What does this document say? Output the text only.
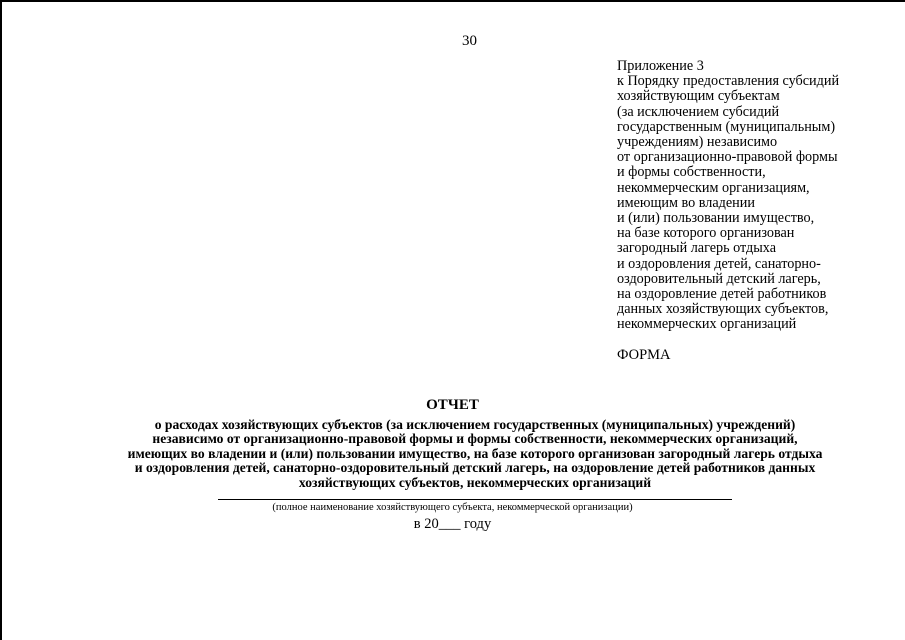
30
Приложение 3
к Порядку предоставления субсидий
хозяйствующим субъектам
(за исключением субсидий
государственным (муниципальным)
учреждениям) независимо
от организационно-правовой формы
и формы собственности,
некоммерческим организациям,
имеющим во владении
и (или) пользовании имущество,
на базе которого организован
загородный лагерь отдыха
и оздоровления детей, санаторно-
оздоровительный детский лагерь,
на оздоровление детей работников
данных хозяйствующих субъектов,
некоммерческих организаций
ФОРМА
ОТЧЕТ
о расходах хозяйствующих субъектов (за исключением государственных (муниципальных) учреждений)
независимо от организационно-правовой формы и формы собственности, некоммерческих организаций,
имеющих во владении и (или) пользовании имущество, на базе которого организован загородный лагерь отдыха
и оздоровления детей, санаторно-оздоровительный детский лагерь, на оздоровление детей работников данных
хозяйствующих субъектов, некоммерческих организаций
(полное наименование хозяйствующего субъекта, некоммерческой организации)
в 20___ году
